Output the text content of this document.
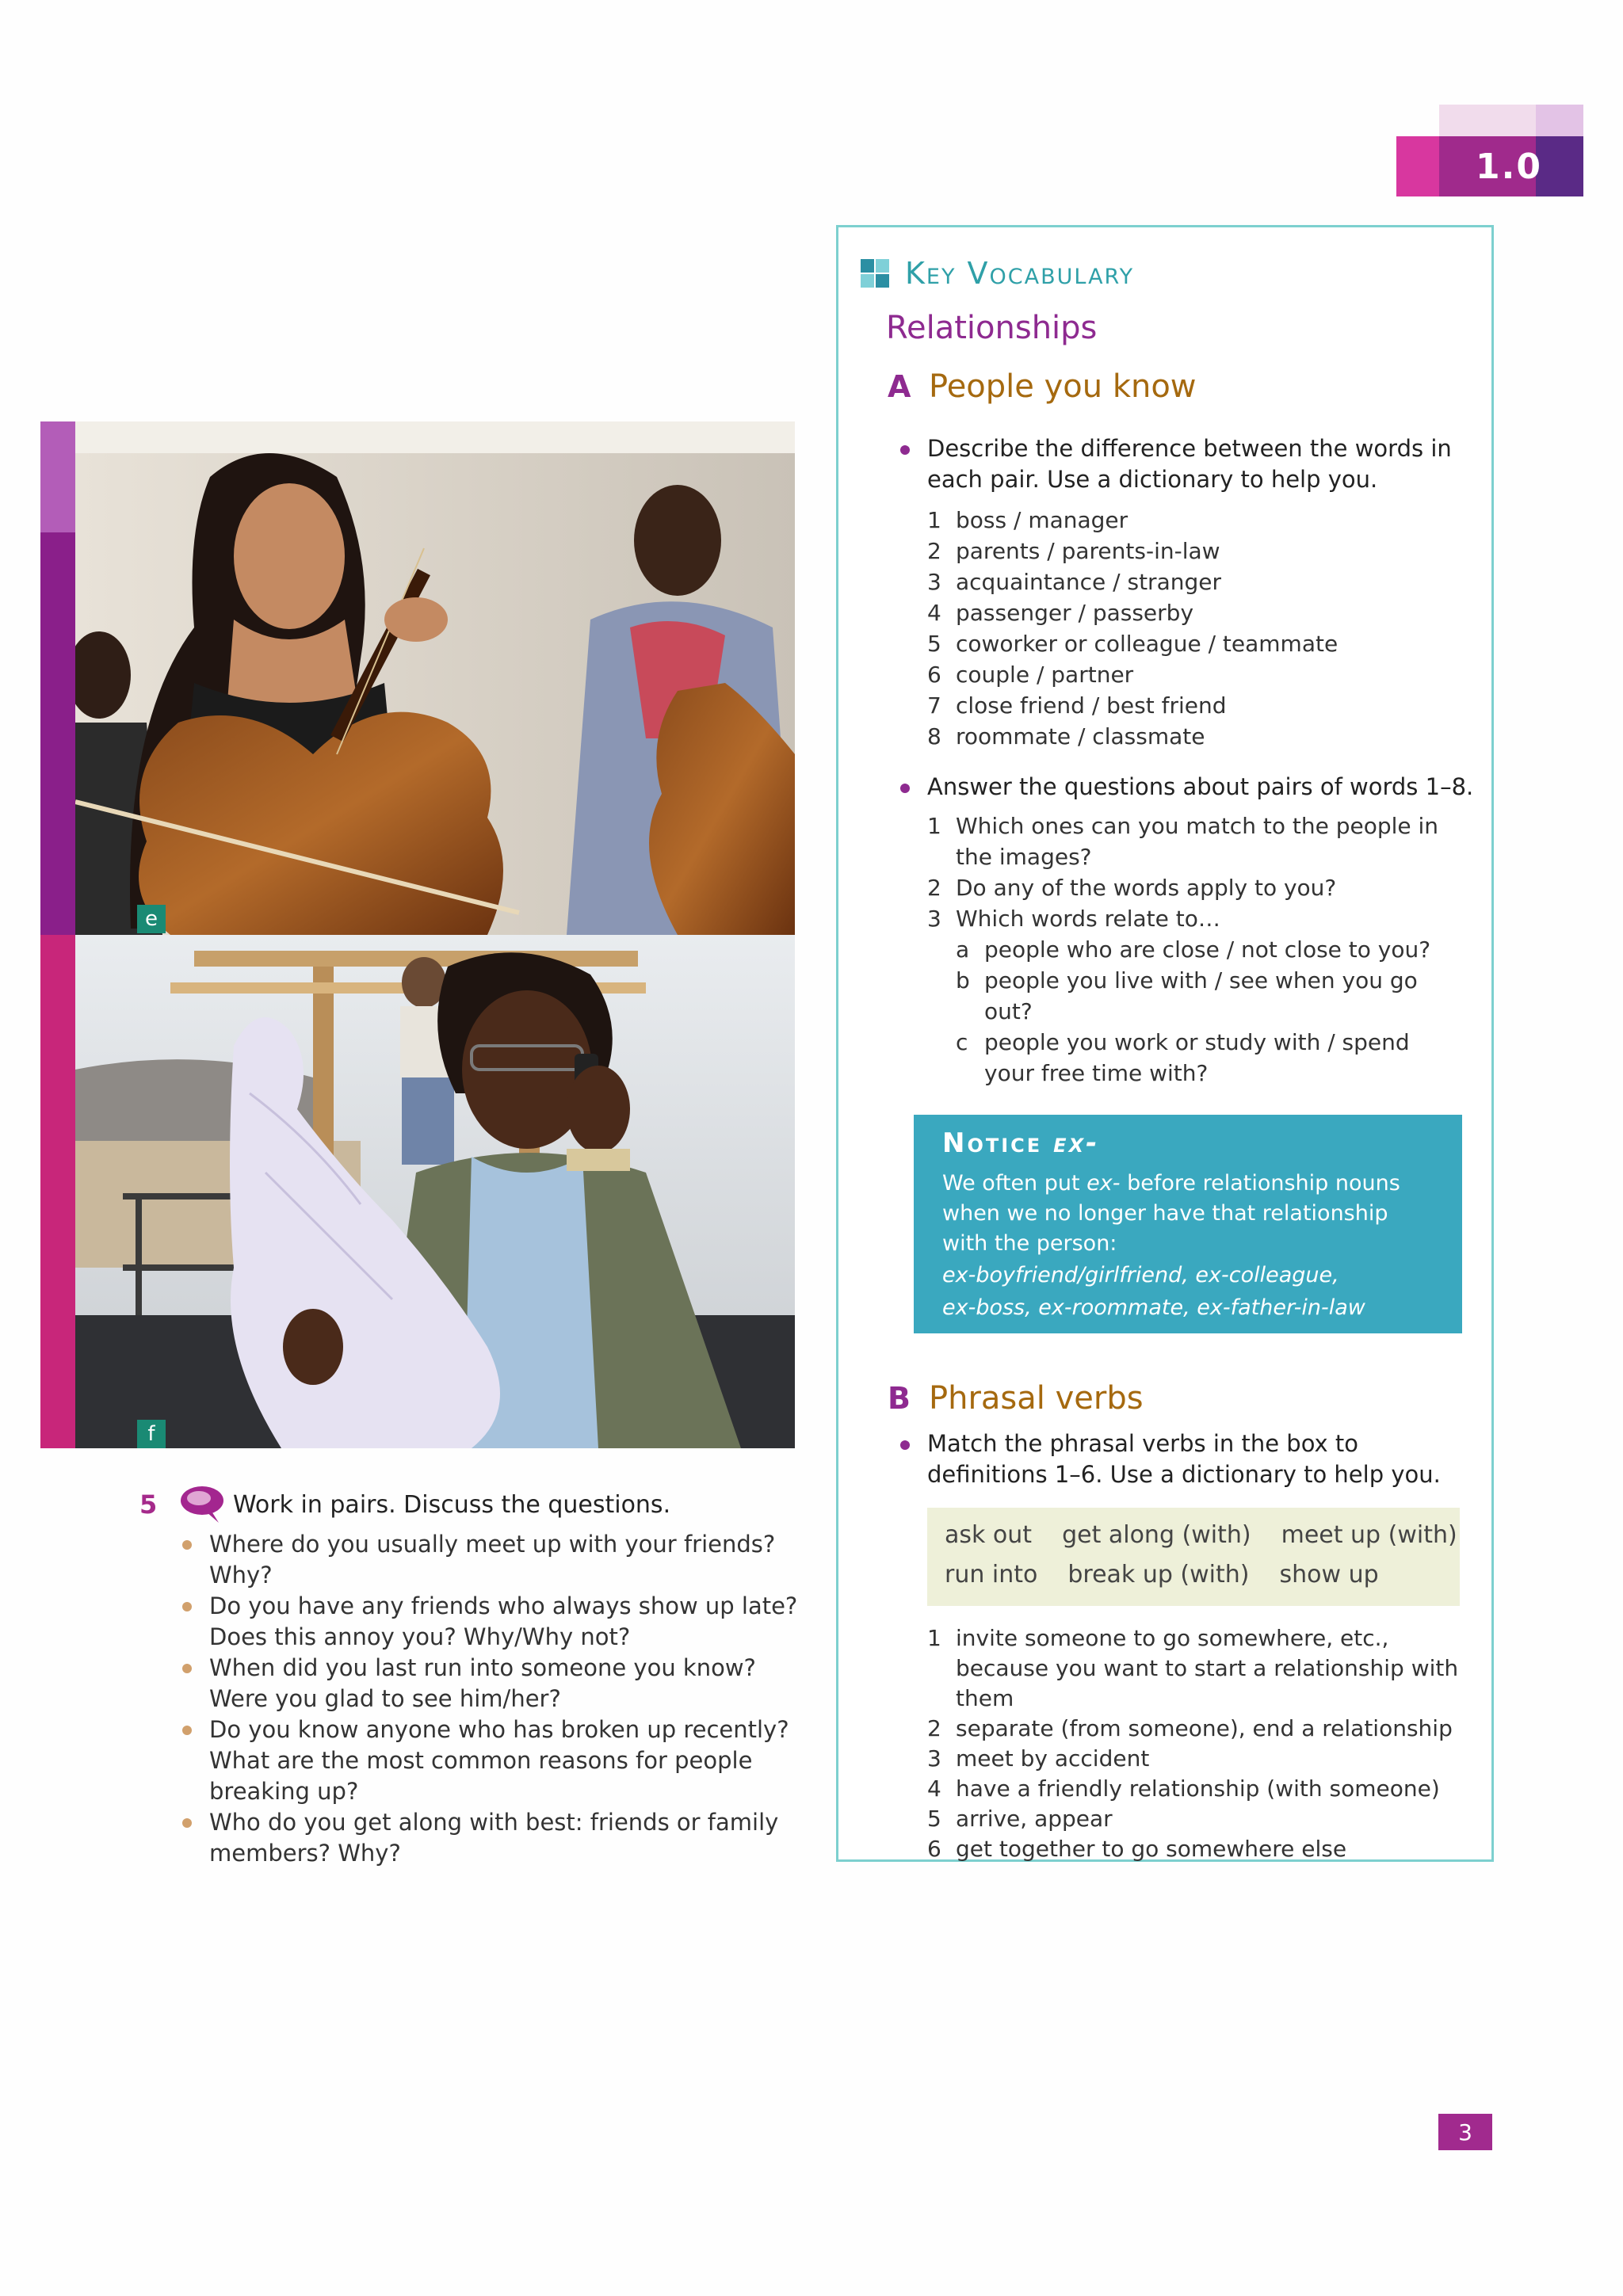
1.0
e
f
Key Vocabulary
Relationships
A People you know
Describe the difference between the words in each pair. Use a dictionary to help you.
1 boss / manager
2 parents / parents-in-law
3 acquaintance / stranger
4 passenger / passerby
5 coworker or colleague / teammate
6 couple / partner
7 close friend / best friend
8 roommate / classmate
Answer the questions about pairs of words 1–8.
1 Which ones can you match to the people in the images?
2 Do any of the words apply to you?
3 Which words relate to…
a people who are close / not close to you?
b people you live with / see when you go out?
c people you work or study with / spend your free time with?
Notice ex-
We often put ex- before relationship nouns when we no longer have that relationship with the person:
ex-boyfriend/girlfriend, ex-colleague,
ex-boss, ex-roommate, ex-father-in-law
B Phrasal verbs
Match the phrasal verbs in the box to definitions 1–6. Use a dictionary to help you.
ask out get along (with) meet up (with)
run into break up (with) show up
1 invite someone to go somewhere, etc., because you want to start a relationship with them
2 separate (from someone), end a relationship
3 meet by accident
4 have a friendly relationship (with someone)
5 arrive, appear
6 get together to go somewhere else
5	Work in pairs. Discuss the questions.
Where do you usually meet up with your friends? Why?
Do you have any friends who always show up late? Does this annoy you? Why/Why not?
When did you last run into someone you know? Were you glad to see him/her?
Do you know anyone who has broken up recently? What are the most common reasons for people breaking up?
Who do you get along with best: friends or family members? Why?
3
